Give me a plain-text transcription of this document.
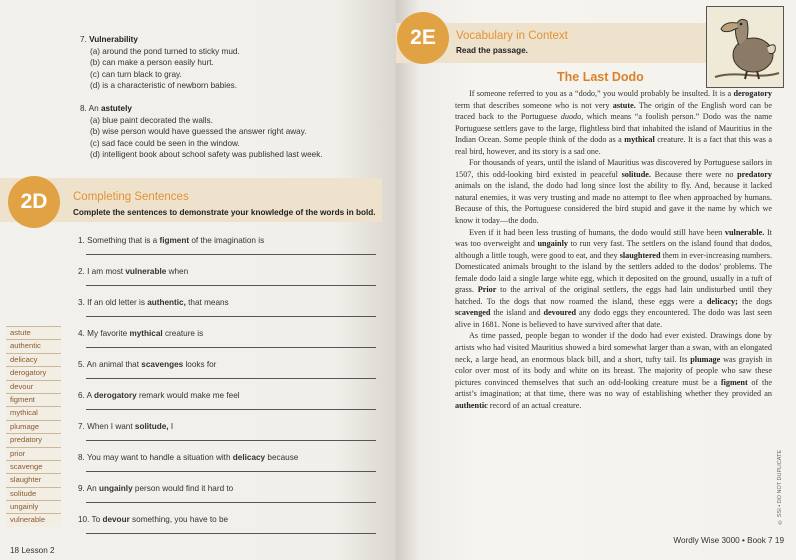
7. Vulnerability
(a) around the pond turned to sticky mud.
(b) can make a person easily hurt.
(c) can turn black to gray.
(d) is a characteristic of newborn babies.
8. An astutely
(a) blue paint decorated the walls.
(b) wise person would have guessed the answer right away.
(c) sad face could be seen in the window.
(d) intelligent book about school safety was published last week.
2D	Completing Sentences
Complete the sentences to demonstrate your knowledge of the words in bold.
1. Something that is a figment of the imagination is
2. I am most vulnerable when
3. If an old letter is authentic, that means
4. My favorite mythical creature is
5. An animal that scavenges looks for
6. A derogatory remark would make me feel
7. When I want solitude, I
8. You may want to handle a situation with delicacy because
9. An ungainly person would find it hard to
10. To devour something, you have to be
astute
authentic
delicacy
derogatory
devour
figment
mythical
plumage
predatory
prior
scavenge
slaughter
solitude
ungainly
vulnerable
18 Lesson 2
2E	Vocabulary in Context
Read the passage.
The Last Dodo

If someone referred to you as a “dodo,” you would probably be insulted. It is a derogatory term that describes someone who is not very astute. The origin of the English word can be traced back to the Portuguese duodo, which means “a foolish person.” Dodo was the name Portuguese settlers gave to the large, flightless bird that inhabited the island of Mauritius in the Indian Ocean. Some people think of the dodo as a mythical creature. It is a fact that this was a real bird, however, and its story is a sad one.

For thousands of years, until the island of Mauritius was discovered by Portuguese sailors in 1507, this odd-looking bird existed in peaceful solitude. Because there were no predatory animals on the island, the dodo had long since lost the ability to fly. And, because it lacked natural enemies, it was very trusting and made no attempt to flee when approached by humans. Because of this, the Portuguese considered the bird stupid and gave it the name by which we know it today—the dodo.

Even if it had been less trusting of humans, the dodo would still have been vulnerable. It was too overweight and ungainly to run very fast. The settlers on the island found that dodos, although a little tough, were good to eat, and they slaughtered them in ever-increasing numbers. Domesticated animals brought to the island by the settlers added to the dodos’ problems. The female dodo laid a single large white egg, which it deposited on the ground, usually in a tuft of grass. Prior to the arrival of the original settlers, the eggs had lain undisturbed until they hatched. To the dogs that now roamed the island, these eggs were a delicacy; the dogs scavenged the island and devoured any dodo eggs they encountered. The dodo was last seen alive in 1681. None is believed to have survived after that date.

As time passed, people began to wonder if the dodo had ever existed. Drawings done by artists who had visited Mauritius showed a bird somewhat larger than a swan, with an elongated neck, a large head, an enormous black bill, and a short, tufty tail. Its plumage was grayish in color over most of its body and white on its breast. The majority of people who saw these pictures convinced themselves that such an odd-looking creature must be a figment of the artist’s imagination; at that time, there was no way of establishing whether they provided an authentic record of an actual creature.

© SSI • DO NOT DUPLICATE
Wordly Wise 3000 • Book 7 19
